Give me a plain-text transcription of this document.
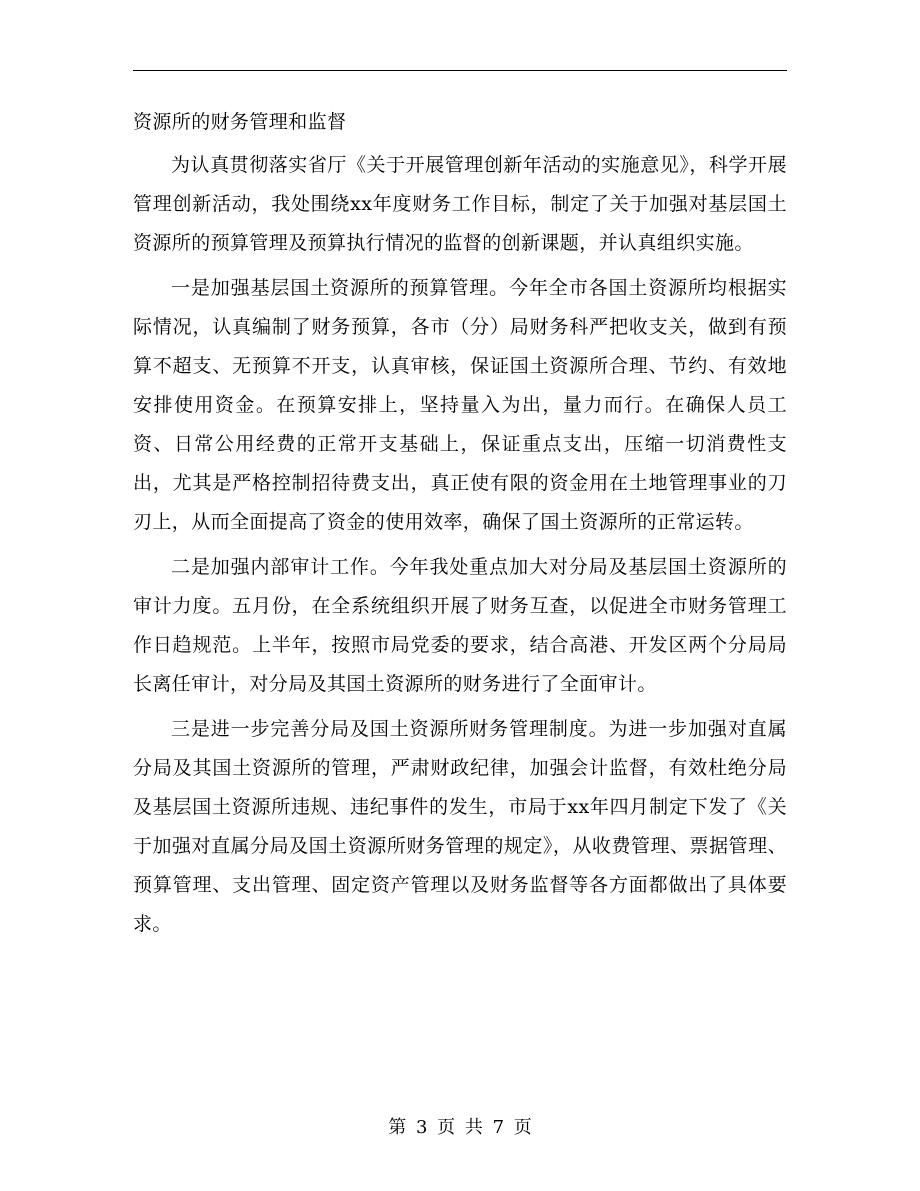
资源所的财务管理和监督

为认真贯彻落实省厅《关于开展管理创新年活动的实施意见》，科学开展管理创新活动，我处围绕xx年度财务工作目标，制定了关于加强对基层国土资源所的预算管理及预算执行情况的监督的创新课题，并认真组织实施。

一是加强基层国土资源所的预算管理。今年全市各国土资源所均根据实际情况，认真编制了财务预算，各市（分）局财务科严把收支关，做到有预算不超支、无预算不开支，认真审核，保证国土资源所合理、节约、有效地安排使用资金。在预算安排上，坚持量入为出，量力而行。在确保人员工资、日常公用经费的正常开支基础上，保证重点支出，压缩一切消费性支出，尤其是严格控制招待费支出，真正使有限的资金用在土地管理事业的刀刃上，从而全面提高了资金的使用效率，确保了国土资源所的正常运转。

二是加强内部审计工作。今年我处重点加大对分局及基层国土资源所的审计力度。五月份，在全系统组织开展了财务互查，以促进全市财务管理工作日趋规范。上半年，按照市局党委的要求，结合高港、开发区两个分局局长离任审计，对分局及其国土资源所的财务进行了全面审计。

三是进一步完善分局及国土资源所财务管理制度。为进一步加强对直属分局及其国土资源所的管理，严肃财政纪律，加强会计监督，有效杜绝分局及基层国土资源所违规、违纪事件的发生，市局于xx年四月制定下发了《关于加强对直属分局及国土资源所财务管理的规定》，从收费管理、票据管理、预算管理、支出管理、固定资产管理以及财务监督等各方面都做出了具体要求。

第 3 页 共 7 页
